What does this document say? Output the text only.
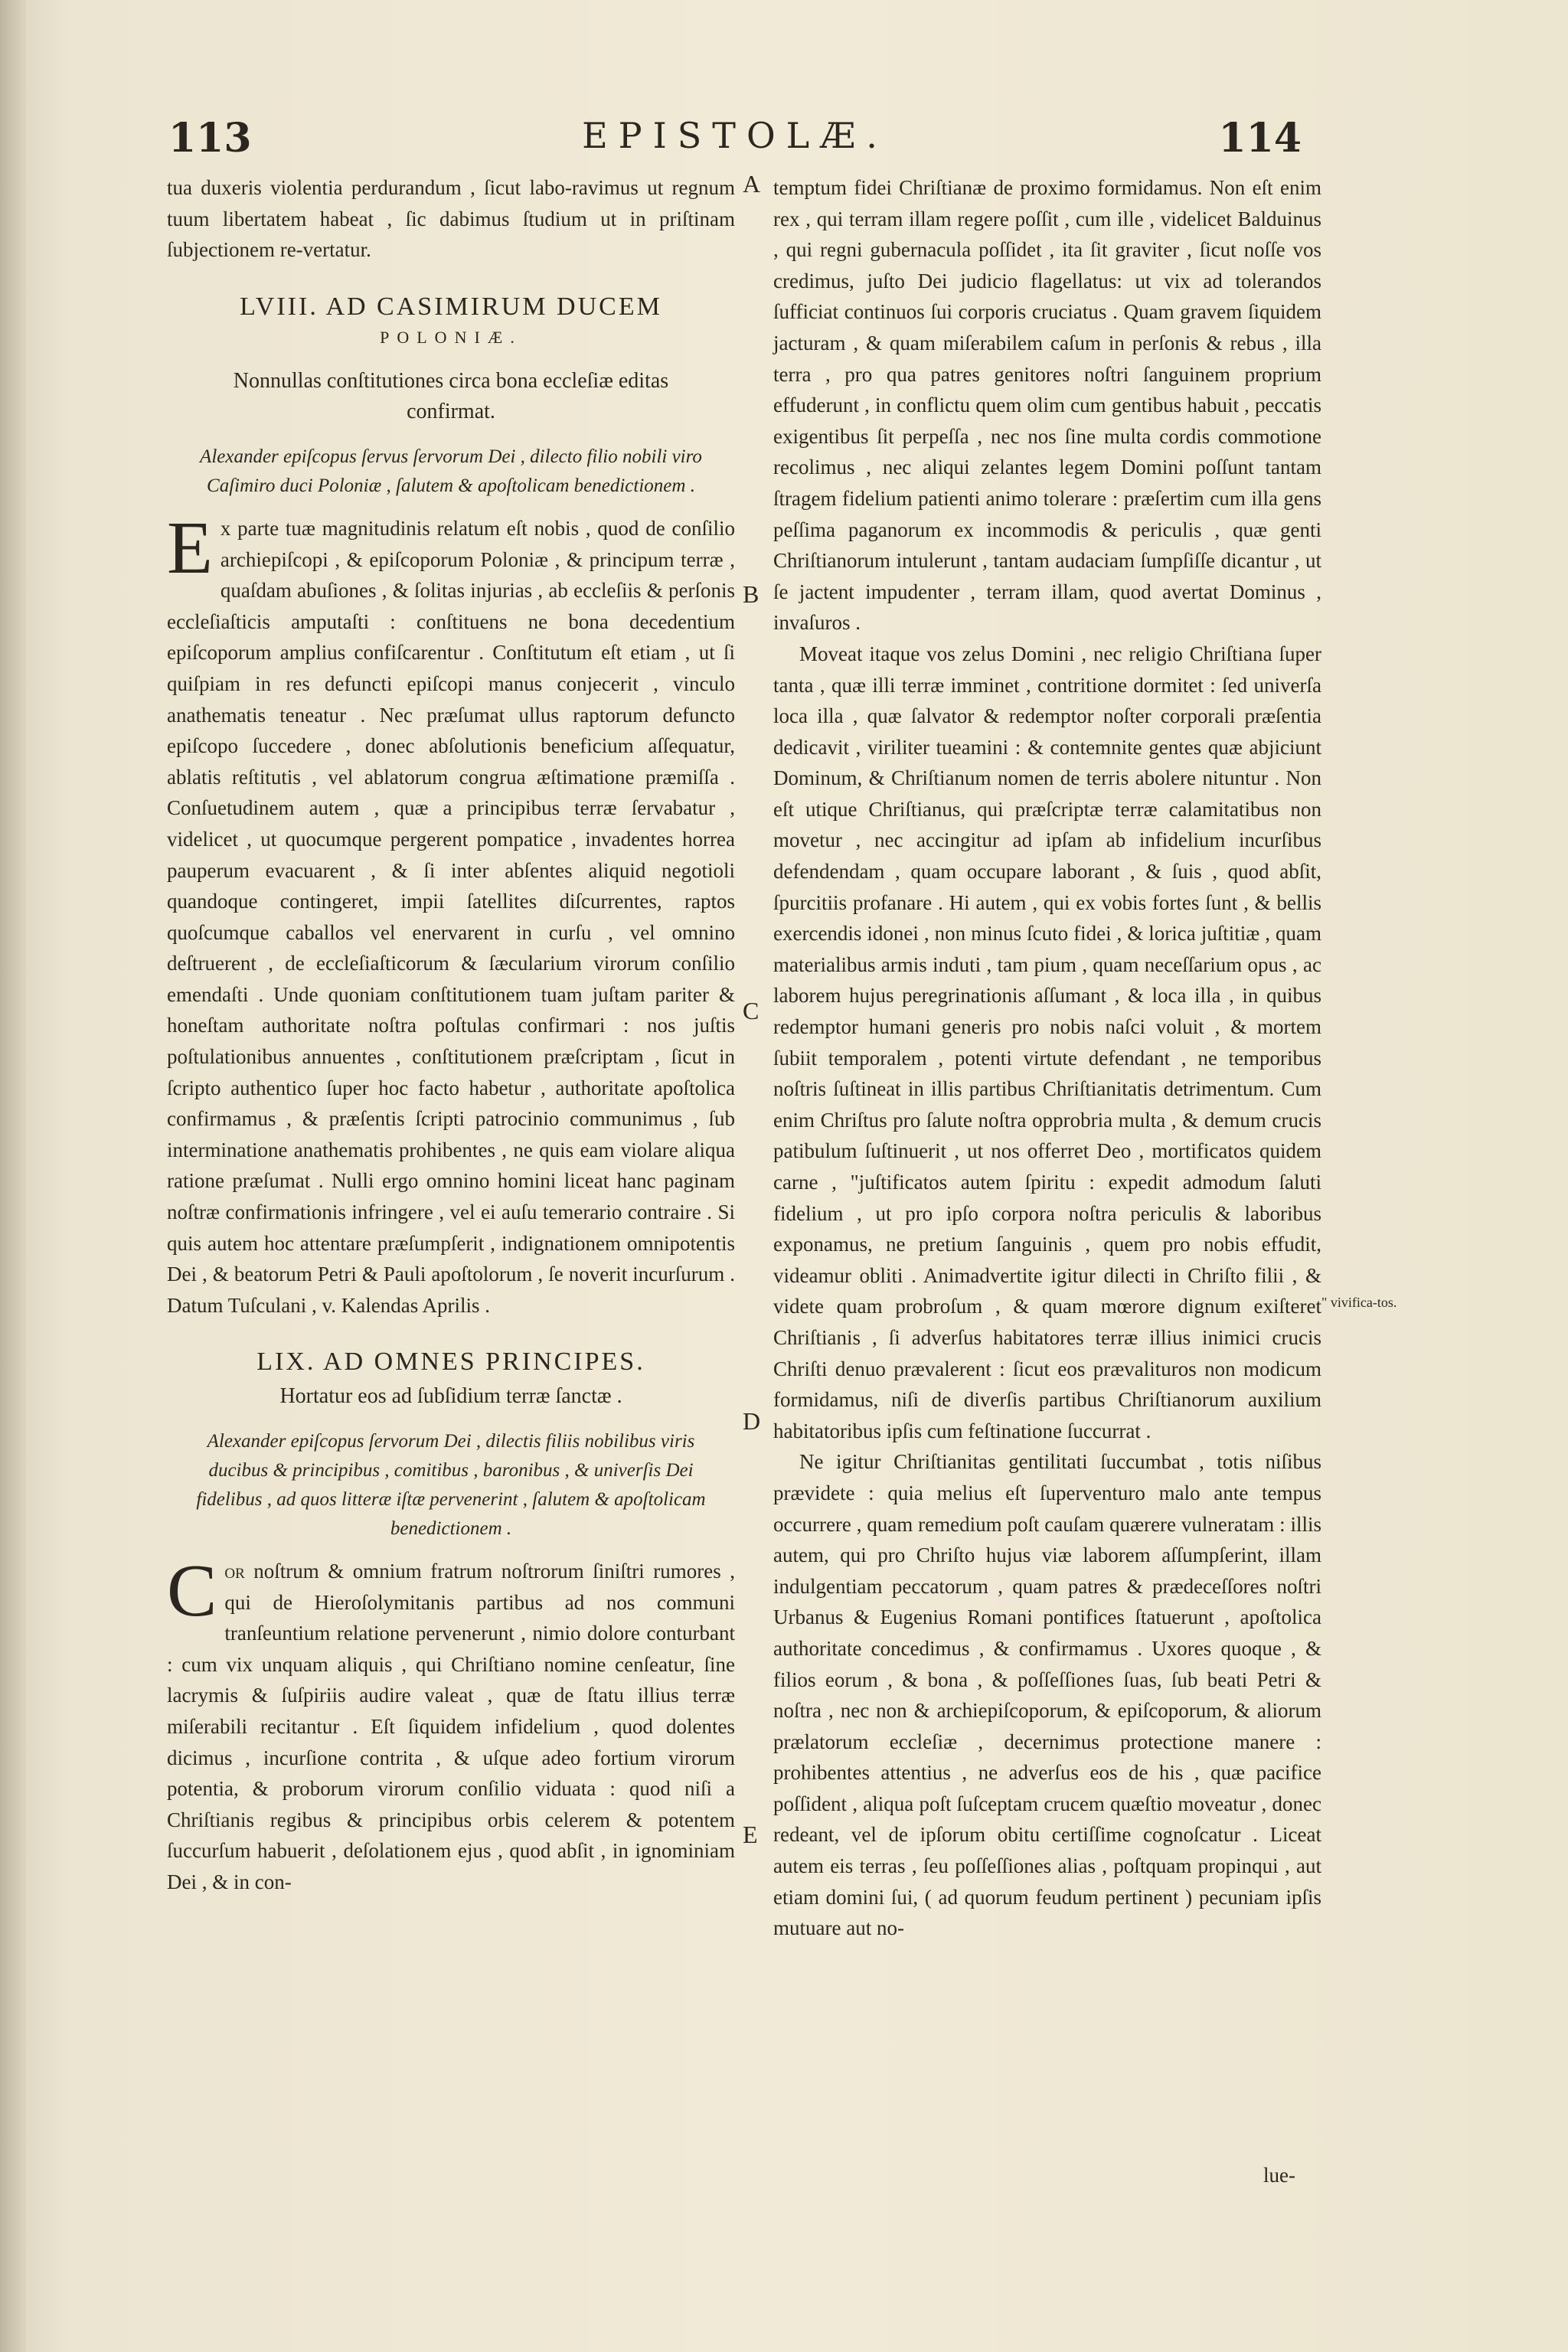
113	EPISTOLÆ.	114

tua duxeris violentia perdurandum , ſicut labo-ravimus ut regnum tuum libertatem habeat , ſic dabimus ſtudium ut in priſtinam ſubjectionem re-vertatur.

LVIII. AD CASIMIRUM DUCEM
POLONIÆ.
Nonnullas conſtitutiones circa bona eccleſiæ editas confirmat.
Alexander epiſcopus ſervus ſervorum Dei , dilecto filio nobili viro Caſimiro duci Poloniæ , ſalutem & apoſtolicam benedictionem .

Ex parte tuæ magnitudinis relatum eſt nobis , quod de conſilio archiepiſcopi , & epiſcoporum Poloniæ , & principum terræ , quaſdam abuſiones , & ſolitas injurias , ab eccleſiis & perſonis eccleſiaſticis amputaſti : conſtituens ne bona decedentium epiſcoporum amplius confiſcarentur . Conſtitutum eſt etiam , ut ſi quiſpiam in res defuncti epiſcopi manus conjecerit , vinculo anathematis teneatur . Nec præſumat ullus raptorum defuncto epiſcopo ſuccedere , donec abſolutionis beneficium aſſequatur, ablatis reſtitutis , vel ablatorum congrua æſtimatione præmiſſa . Conſuetudinem autem , quæ a principibus terræ ſervabatur , videlicet , ut quocumque pergerent pompatice , invadentes horrea pauperum evacuarent , & ſi inter abſentes aliquid negotioli quandoque contingeret, impii ſatellites diſcurrentes, raptos quoſcumque caballos vel enervarent in curſu , vel omnino deſtruerent , de eccleſiaſticorum & ſæcularium virorum conſilio emendaſti . Unde quoniam conſtitutionem tuam juſtam pariter & honeſtam authoritate noſtra poſtulas confirmari : nos juſtis poſtulationibus annuentes , conſtitutionem præſcriptam , ſicut in ſcripto authentico ſuper hoc facto habetur , authoritate apoſtolica confirmamus , & præſentis ſcripti patrocinio communimus , ſub interminatione anathematis prohibentes , ne quis eam violare aliqua ratione præſumat . Nulli ergo omnino homini liceat hanc paginam noſtræ confirmationis infringere , vel ei auſu temerario contraire . Si quis autem hoc attentare præſumpſerit , indignationem omnipotentis Dei , & beatorum Petri & Pauli apoſtolorum , ſe noverit incurſurum . Datum Tuſculani , v. Kalendas Aprilis .

LIX. AD OMNES PRINCIPES.
Hortatur eos ad ſubſidium terræ ſanctæ .
Alexander epiſcopus ſervorum Dei , dilectis filiis nobilibus viris ducibus & principibus , comitibus , baronibus , & univerſis Dei fidelibus , ad quos litteræ iſtæ pervenerint , ſalutem & apoſtolicam benedictionem .

Cor noſtrum & omnium fratrum noſtrorum ſiniſtri rumores , qui de Hieroſolymitanis partibus ad nos communi tranſeuntium relatione pervenerunt , nimio dolore conturbant : cum vix unquam aliquis , qui Chriſtiano nomine cenſeatur, ſine lacrymis & ſuſpiriis audire valeat , quæ de ſtatu illius terræ miſerabili recitantur . Eſt ſiquidem infidelium , quod dolentes dicimus , incurſione contrita , & uſque adeo fortium virorum potentia, & proborum virorum conſilio viduata : quod niſi a Chriſtianis regibus & principibus orbis celerem & potentem ſuccurſum habuerit , deſolationem ejus , quod abſit , in ignominiam Dei , & in con-

A
B
C
D
E

temptum fidei Chriſtianæ de proximo formidamus. Non eſt enim rex , qui terram illam regere poſſit , cum ille , videlicet Balduinus , qui regni gubernacula poſſidet , ita ſit graviter , ſicut noſſe vos credimus, juſto Dei judicio flagellatus: ut vix ad tolerandos ſufficiat continuos ſui corporis cruciatus . Quam gravem ſiquidem jacturam , & quam miſerabilem caſum in perſonis & rebus , illa terra , pro qua patres genitores noſtri ſanguinem proprium effuderunt , in conflictu quem olim cum gentibus habuit , peccatis exigentibus ſit perpeſſa , nec nos ſine multa cordis commotione recolimus , nec aliqui zelantes legem Domini poſſunt tantam ſtragem fidelium patienti animo tolerare : præſertim cum illa gens peſſima paganorum ex incommodis & periculis , quæ genti Chriſtianorum intulerunt , tantam audaciam ſumpſiſſe dicantur , ut ſe jactent impudenter , terram illam, quod avertat Dominus , invaſuros .

Moveat itaque vos zelus Domini , nec religio Chriſtiana ſuper tanta , quæ illi terræ imminet , contritione dormitet : ſed univerſa loca illa , quæ ſalvator & redemptor noſter corporali præſentia dedicavit , viriliter tueamini : & contemnite gentes quæ abjiciunt Dominum, & Chriſtianum nomen de terris abolere nituntur . Non eſt utique Chriſtianus, qui præſcriptæ terræ calamitatibus non movetur , nec accingitur ad ipſam ab infidelium incurſibus defendendam , quam occupare laborant , & ſuis , quod abſit, ſpurcitiis profanare . Hi autem , qui ex vobis fortes ſunt , & bellis exercendis idonei , non minus ſcuto fidei , & lorica juſtitiæ , quam materialibus armis induti , tam pium , quam neceſſarium opus , ac laborem hujus peregrinationis aſſumant , & loca illa , in quibus redemptor humani generis pro nobis naſci voluit , & mortem ſubiit temporalem , potenti virtute defendant , ne temporibus noſtris ſuſtineat in illis partibus Chriſtianitatis detrimentum. Cum enim Chriſtus pro ſalute noſtra opprobria multa , & demum crucis patibulum ſuſtinuerit , ut nos offerret Deo , mortificatos quidem carne , "juſtificatos autem ſpiritu : expedit admodum ſaluti fidelium , ut pro ipſo corpora noſtra periculis & laboribus exponamus, ne pretium ſanguinis , quem pro nobis effudit, videamur obliti . Animadvertite igitur dilecti in Chriſto filii , & videte quam probroſum , & quam mœrore dignum exiſteret Chriſtianis , ſi adverſus habitatores terræ illius inimici crucis Chriſti denuo prævalerent : ſicut eos prævalituros non modicum formidamus, niſi de diverſis partibus Chriſtianorum auxilium habitatoribus ipſis cum feſtinatione ſuccurrat .

Ne igitur Chriſtianitas gentilitati ſuccumbat , totis niſibus prævidete : quia melius eſt ſuperventuro malo ante tempus occurrere , quam remedium poſt cauſam quærere vulneratam : illis autem, qui pro Chriſto hujus viæ laborem aſſumpſerint, illam indulgentiam peccatorum , quam patres & prædeceſſores noſtri Urbanus & Eugenius Romani pontifices ſtatuerunt , apoſtolica authoritate concedimus , & confirmamus . Uxores quoque , & filios eorum , & bona , & poſſeſſiones ſuas, ſub beati Petri & noſtra , nec non & archiepiſcoporum, & epiſcoporum, & aliorum prælatorum eccleſiæ , decernimus protectione manere : prohibentes attentius , ne adverſus eos de his , quæ pacifice poſſident , aliqua poſt ſuſceptam crucem quæſtio moveatur , donec redeant, vel de ipſorum obitu certiſſime cognoſcatur . Liceat autem eis terras , ſeu poſſeſſiones alias , poſtquam propinqui , aut etiam domini ſui, ( ad quorum feudum pertinent ) pecuniam ipſis mutuare aut no-

" vivifica-tos.
lue-
